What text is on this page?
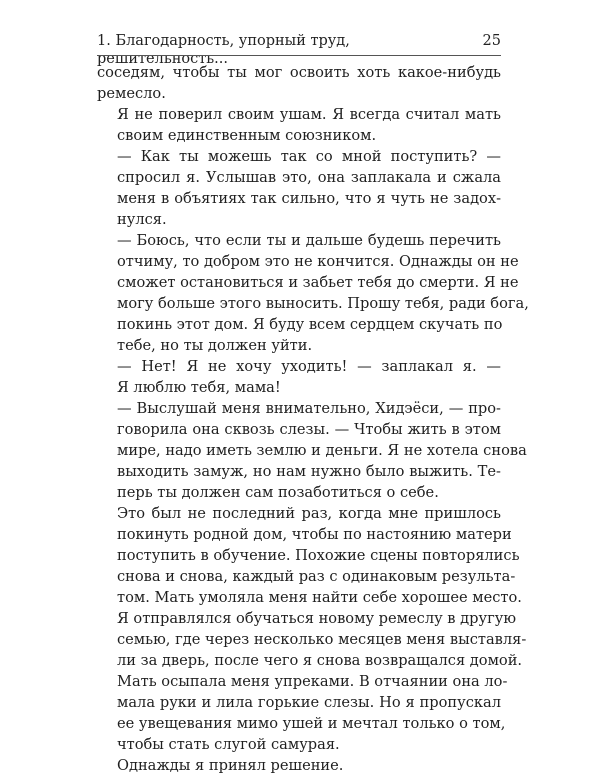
1. Благодарность, упорный труд, решительность...
25

соседям, чтобы ты мог освоить хоть какое-нибудь
ремесло.

Я не поверил своим ушам. Я всегда считал мать
своим единственным союзником.

— Как ты можешь так со мной поступить? —
спросил я. Услышав это, она заплакала и сжала
меня в объятиях так сильно, что я чуть не задох-
нулся.

— Боюсь, что если ты и дальше будешь перечить
отчиму, то добром это не кончится. Однажды он не
сможет остановиться и забьет тебя до смерти. Я не
могу больше этого выносить. Прошу тебя, ради бога,
покинь этот дом. Я буду всем сердцем скучать по
тебе, но ты должен уйти.

— Нет! Я не хочу уходить! — заплакал я. —
Я люблю тебя, мама!

— Выслушай меня внимательно, Хидэёси, — про-
говорила она сквозь слезы. — Чтобы жить в этом
мире, надо иметь землю и деньги. Я не хотела снова
выходить замуж, но нам нужно было выжить. Те-
перь ты должен сам позаботиться о себе.

Это был не последний раз, когда мне пришлось
покинуть родной дом, чтобы по настоянию матери
поступить в обучение. Похожие сцены повторялись
снова и снова, каждый раз с одинаковым результа-
том. Мать умоляла меня найти себе хорошее место.
Я отправлялся обучаться новому ремеслу в другую
семью, где через несколько месяцев меня выставля-
ли за дверь, после чего я снова возвращался домой.
Мать осыпала меня упреками. В отчаянии она ло-
мала руки и лила горькие слезы. Но я пропускал
ее увещевания мимо ушей и мечтал только о том,
чтобы стать слугой самурая.

Однажды я принял решение.
